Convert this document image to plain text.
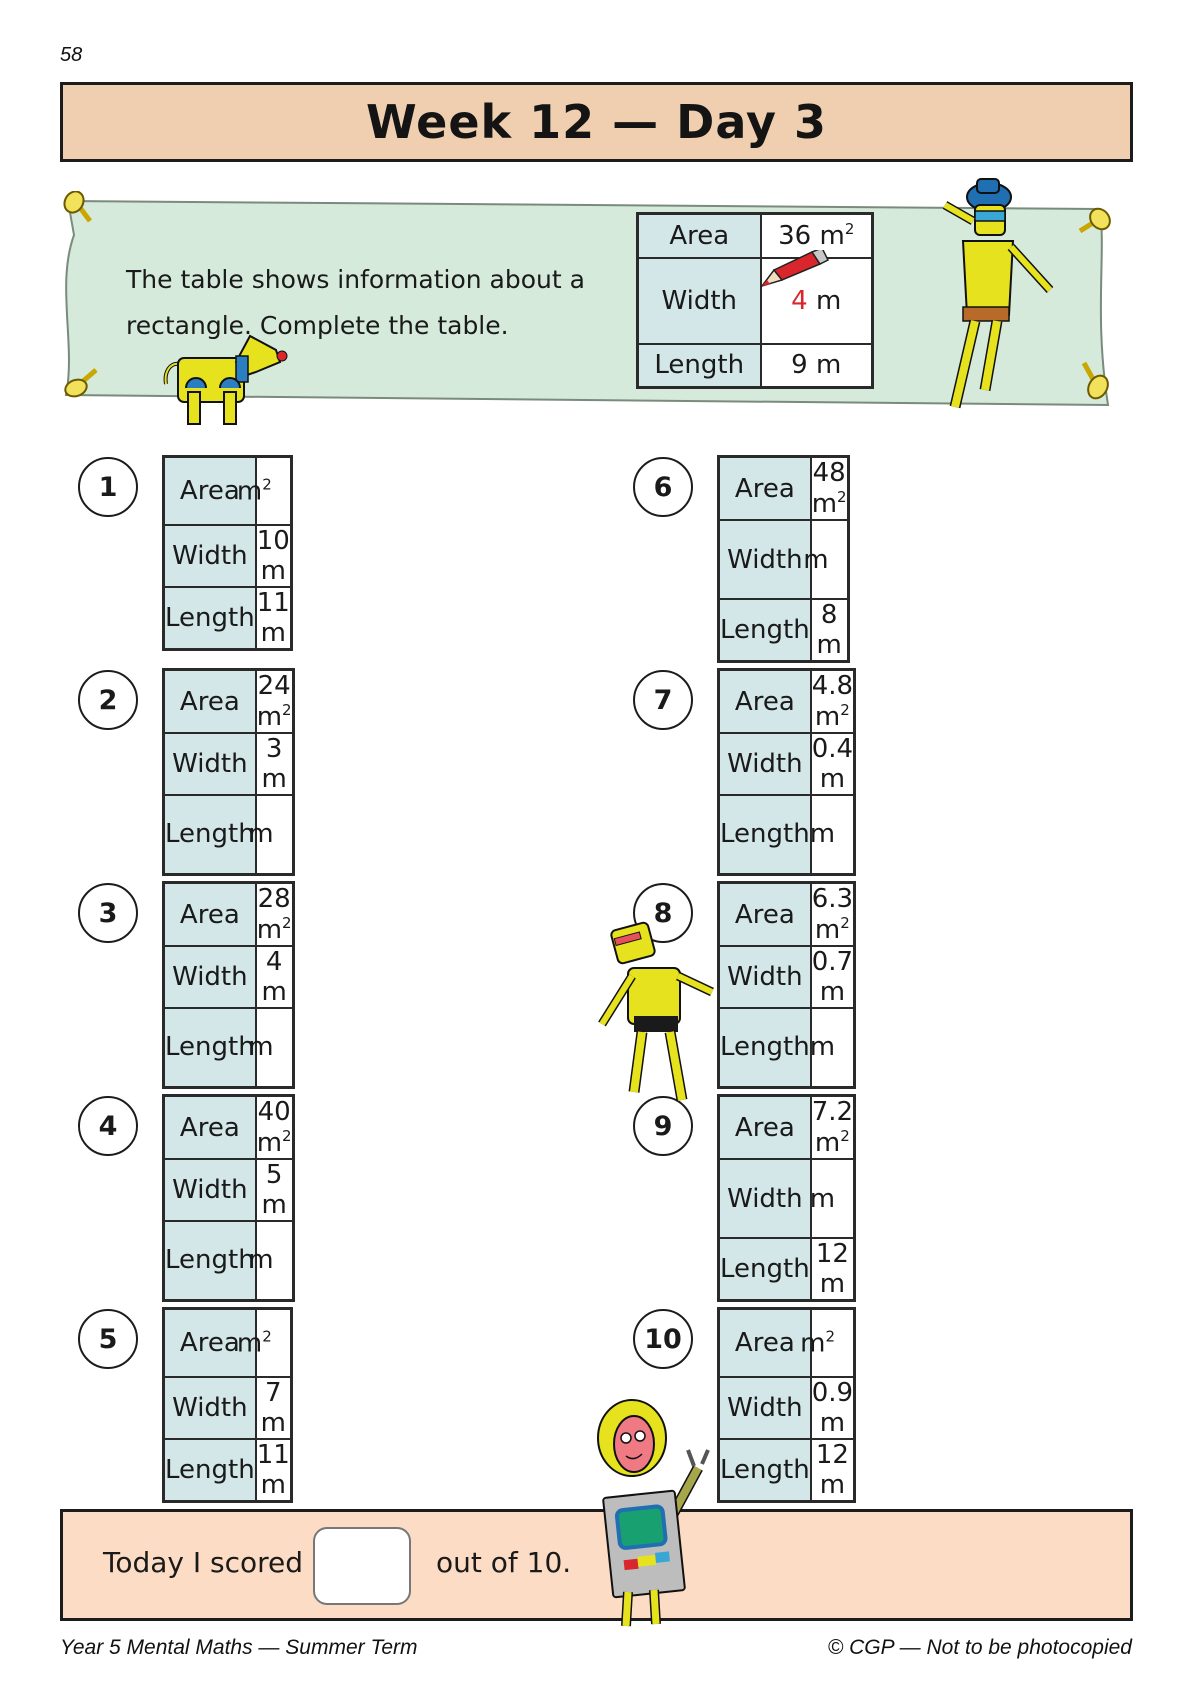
58
Week 12 — Day 3
The table shows information about a rectangle. Complete the table.
Area	36 $m^2$
Width	4 m
Length	9 m
1	Area	$m^2$

Width	10 m
Length	11 m
2	Area	24 $m^2$
Width	3 m
Length	m
3	Area	28 $m^2$
Width	4 m
Length	m
4	Area	40 $m^2$
Width	5 m
Length	m
5	Area	$m^2$

Width	7 m
Length	11 m
6	Area	48 $m^2$
Width	m

Length	8 m
7	Area	4.8 $m^2$
Width	0.4 m
Length	m
8	Area	6.3 $m^2$
Width	0.7 m
Length	m
9	Area	7.2 $m^2$
Width	m

Length	12 m
10	Area	$m^2$

Width	0.9 m
Length	12 m
Today I scored	out of 10.
Year 5 Mental Maths — Summer Term	© CGP — Not to be photocopied
